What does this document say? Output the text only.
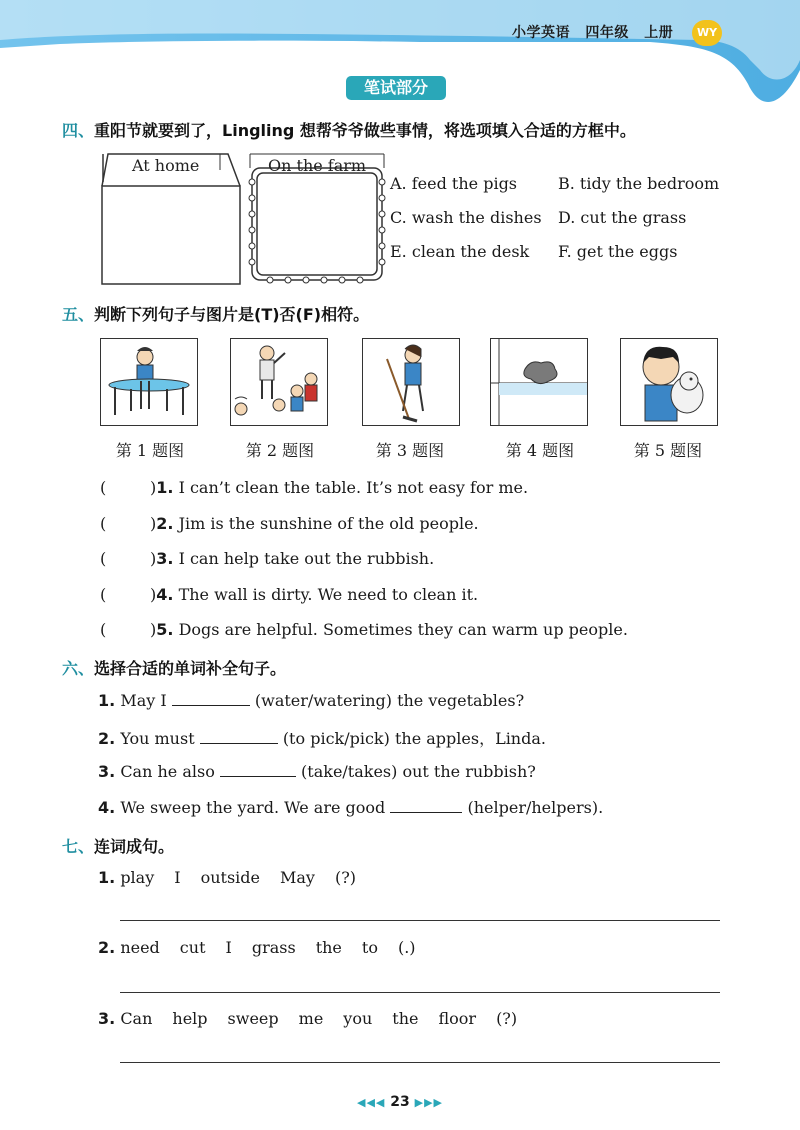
小学英语 四年级 上册	WY
笔试部分
四、重阳节就要到了，Lingling 想帮爷爷做些事情，将选项填入合适的方框中。
At home	On the farm
A. feed the pigs	B. tidy the bedroom
C. wash the dishes	D. cut the grass
E. clean the desk	F. get the eggs
五、判断下列句子与图片是(T)否(F)相符。
第 1 题图	第 2 题图	第 3 题图	第 4 题图	第 5 题图
(	)1. I can’t clean the table. It’s not easy for me.
(	)2. Jim is the sunshine of the old people.
(	)3. I can help take out the rubbish.
(	)4. The wall is dirty. We need to clean it.
(	)5. Dogs are helpful. Sometimes they can warm up people.
六、选择合适的单词补全句子。
1. May I	(water/watering) the vegetables?
2. You must	(to pick/pick) the apples，Linda.
3. Can he also	(take/takes) out the rubbish?
4. We sweep the yard. We are good	(helper/helpers).
七、连词成句。
1. play I outside May (?)
2. need cut I grass the to (.)
3. Can help sweep me you the floor (?)
◀◀◀ 23 ▶▶▶
